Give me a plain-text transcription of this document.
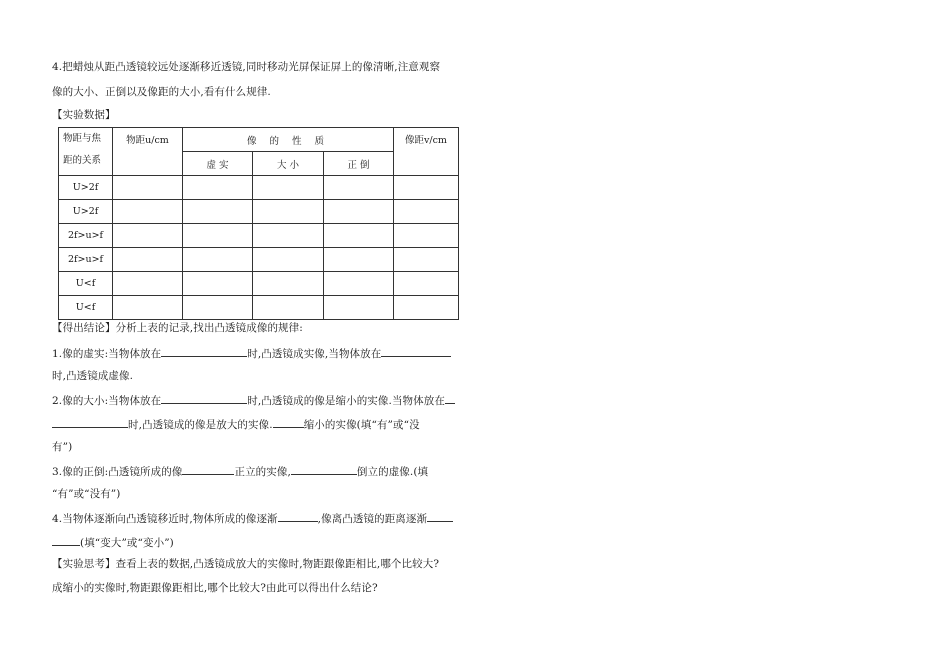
4.把蜡烛从距凸透镜较远处逐渐移近透镜,同时移动光屏保证屏上的像清晰,注意观察
像的大小、正倒以及像距的大小,看有什么规律.
【实验数据】
物距与焦
距的关系	物距u/cm	像 的 性 质			像距v/cm
		虚 实	大 小	正 倒	
U>2f					
U>2f					
2f>u>f					
2f>u>f					
U<f					
U<f					
【得出结论】分析上表的记录,找出凸透镜成像的规律:
1.像的虚实:当物体放在	时,凸透镜成实像,当物体放在
时,凸透镜成虚像.
2.像的大小:当物体放在	时,凸透镜成的像是缩小的实像.当物体放在
时,凸透镜成的像是放大的实像.	缩小的实像(填“有”或“没
有”)
3.像的正倒:凸透镜所成的像	正立的实像,	倒立的虚像.(填
“有”或“没有”)
4.当物体逐渐向凸透镜移近时,物体所成的像逐渐	,像离凸透镜的距离逐渐
(填“变大”或“变小”)
【实验思考】查看上表的数据,凸透镜成放大的实像时,物距跟像距相比,哪个比较大?
成缩小的实像时,物距跟像距相比,哪个比较大?由此可以得出什么结论?
